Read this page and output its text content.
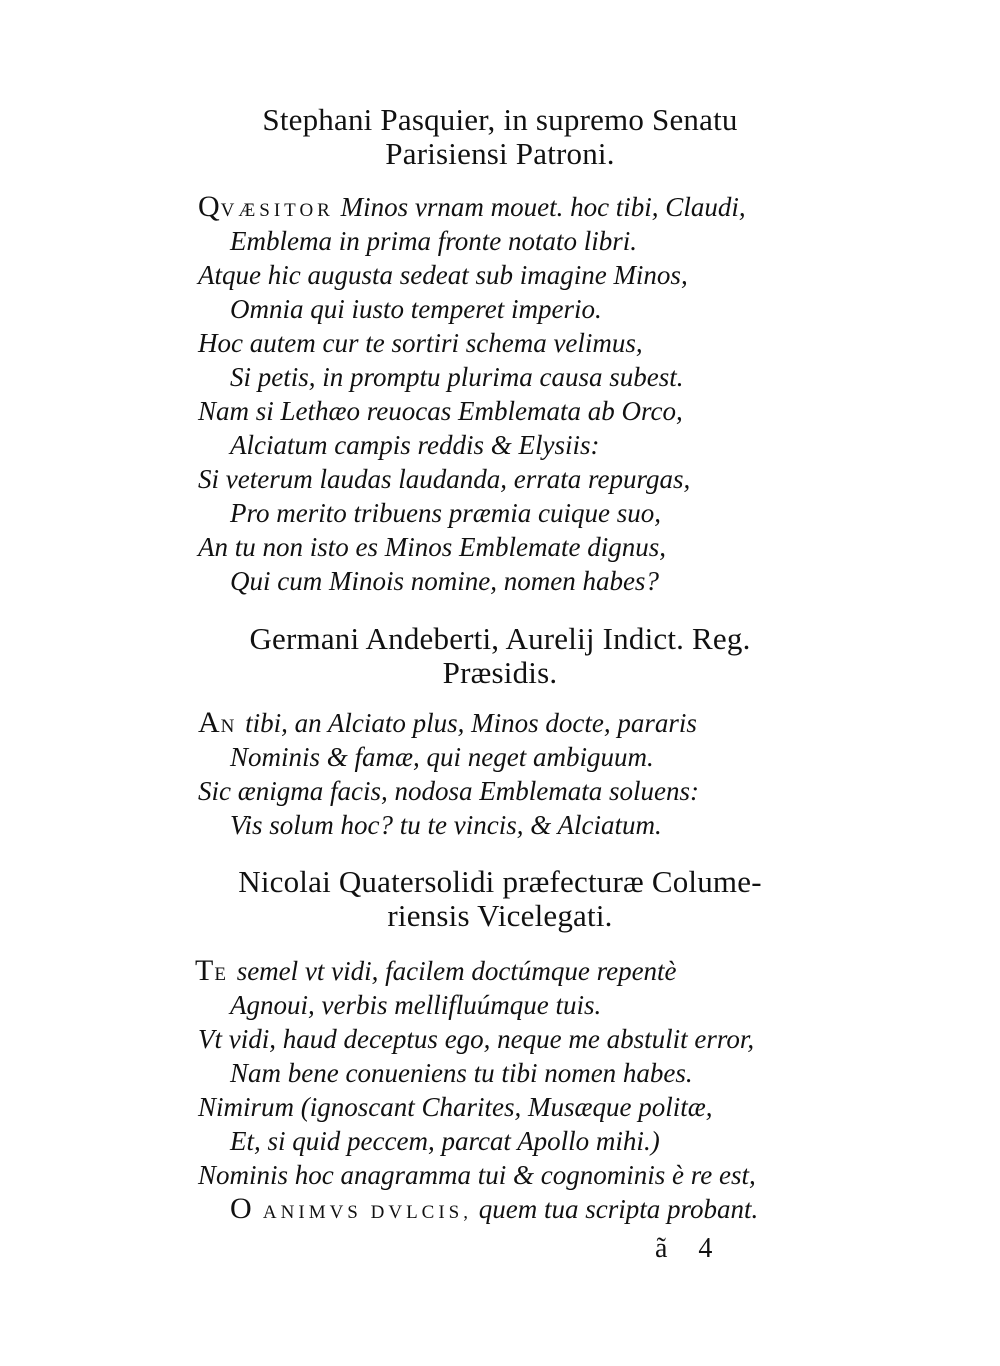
Stephani Pasquier, in supremo Senatu
Parisiensi Patroni.
QVÆSITOR Minos vrnam mouet. hoc tibi, Claudi,
Emblema in prima fronte notato libri.
Atque hic augusta sedeat sub imagine Minos,
Omnia qui iusto temperet imperio.
Hoc autem cur te sortiri schema velimus,
Si petis, in promptu plurima causa subest.
Nam si Lethæo reuocas Emblemata ab Orco,
Alciatum campis reddis & Elysiis:
Si veterum laudas laudanda, errata repurgas,
Pro merito tribuens præmia cuique suo,
An tu non isto es Minos Emblemate dignus,
Qui cum Minois nomine, nomen habes?
Germani Andeberti, Aurelij Indict. Reg.
Præsidis.
AN tibi, an Alciato plus, Minos docte, pararis
Nominis & famæ, qui neget ambiguum.
Sic ænigma facis, nodosa Emblemata soluens:
Vis solum hoc? tu te vincis, & Alciatum.
Nicolai Quatersolidi præfecturæ Colume-
riensis Vicelegati.
TE semel vt vidi, facilem doctúmque repentè
Agnoui, verbis mellifluúmque tuis.
Vt vidi, haud deceptus ego, neque me abstulit error,
Nam bene conueniens tu tibi nomen habes.
Nimirum (ignoscant Charites, Musæque politæ,
Et, si quid peccem, parcat Apollo mihi.)
Nominis hoc anagramma tui & cognominis è re est,
O ANIMVS DVLCIS, quem tua scripta probant.
ã 4
